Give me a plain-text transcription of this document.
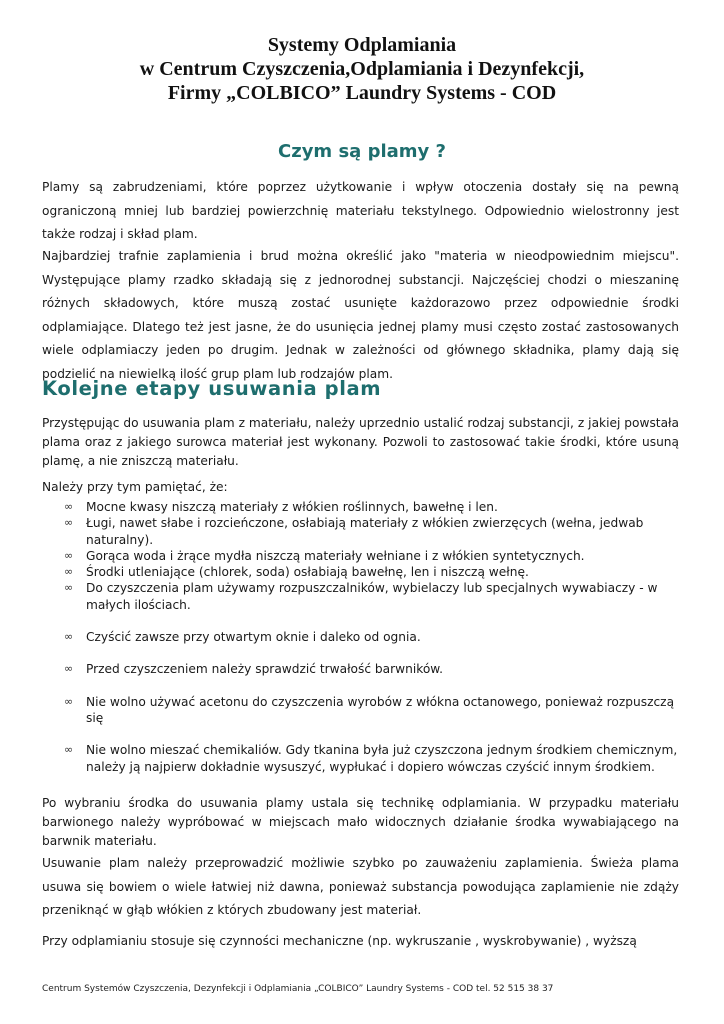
Systemy Odplamiania
w Centrum Czyszczenia,Odplamiania i Dezynfekcji,
Firmy „COLBICO” Laundry Systems - COD
Czym są plamy ?

Plamy są zabrudzeniami, które poprzez użytkowanie i wpływ otoczenia dostały się na pewną ograniczoną mniej lub bardziej powierzchnię materiału tekstylnego. Odpowiednio wielostronny jest także rodzaj i skład plam.

Najbardziej trafnie zaplamienia i brud można określić jako "materia w nieodpowiednim miejscu". Występujące plamy rzadko składają się z jednorodnej substancji. Najczęściej chodzi o mieszaninę różnych składowych, które muszą zostać usunięte każdorazowo przez odpowiednie środki odplamiające. Dlatego też jest jasne, że do usunięcia jednej plamy musi często zostać zastosowanych wiele odplamiaczy jeden po drugim. Jednak w zależności od głównego składnika, plamy dają się podzielić na niewielką ilość grup plam lub rodzajów plam.

Kolejne etapy usuwania plam

Przystępując do usuwania plam z materiału, należy uprzednio ustalić rodzaj substancji, z jakiej powstała plama oraz z jakiego surowca materiał jest wykonany. Pozwoli to zastosować takie środki, które usuną plamę, a nie zniszczą materiału.

Należy przy tym pamiętać, że:

∞ Mocne kwasy niszczą materiały z włókien roślinnych, bawełnę i len.
∞ Ługi, nawet słabe i rozcieńczone, osłabiają materiały z włókien zwierzęcych (wełna, jedwab naturalny).
∞ Gorąca woda i żrące mydła niszczą materiały wełniane i z włókien syntetycznych.
∞ Środki utleniające (chlorek, soda) osłabiają bawełnę, len i niszczą wełnę.
∞ Do czyszczenia plam używamy rozpuszczalników, wybielaczy lub specjalnych wywabiaczy - w małych ilościach.
∞ Czyścić zawsze przy otwartym oknie i daleko od ognia.
∞ Przed czyszczeniem należy sprawdzić trwałość barwników.
∞ Nie wolno używać acetonu do czyszczenia wyrobów z włókna octanowego, ponieważ rozpuszczą się
∞ Nie wolno mieszać chemikaliów. Gdy tkanina była już czyszczona jednym środkiem chemicznym, należy ją najpierw dokładnie wysuszyć, wypłukać i dopiero wówczas czyścić innym środkiem.

Po wybraniu środka do usuwania plamy ustala się technikę odplamiania. W przypadku materiału barwionego należy wypróbować w miejscach mało widocznych działanie środka wywabiającego na barwnik materiału.

Usuwanie plam należy przeprowadzić możliwie szybko po zauważeniu zaplamienia. Świeża plama usuwa się bowiem o wiele łatwiej niż dawna, ponieważ substancja powodująca zaplamienie nie zdąży przeniknąć w głąb włókien z których zbudowany jest materiał.

Przy odplamianiu stosuje się czynności mechaniczne (np. wykruszanie , wyskrobywanie) , wyższą

Centrum Systemów Czyszczenia, Dezynfekcji i Odplamiania „COLBICO” Laundry Systems - COD tel. 52 515 38 37
